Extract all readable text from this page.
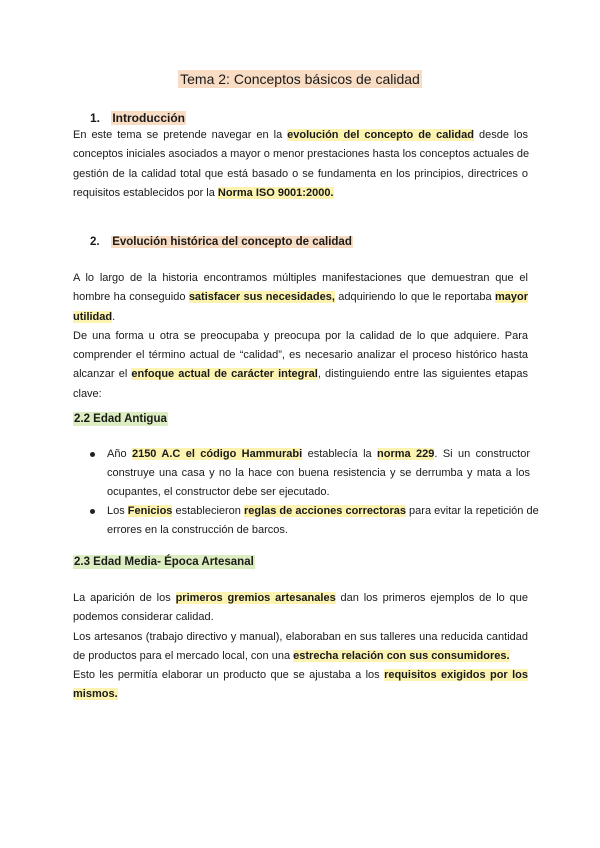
Tema 2: Conceptos básicos de calidad
1. Introducción
En este tema se pretende navegar en la evolución del concepto de calidad desde los
conceptos iniciales asociados a mayor o menor prestaciones hasta los conceptos actuales de
gestión de la calidad total que está basado o se fundamenta en los principios, directrices o
requisitos establecidos por la Norma ISO 9001:2000.
2. Evolución histórica del concepto de calidad
A lo largo de la historia encontramos múltiples manifestaciones que demuestran que el
hombre ha conseguido satisfacer sus necesidades, adquiriendo lo que le reportaba mayor
utilidad.
De una forma u otra se preocupaba y preocupa por la calidad de lo que adquiere. Para
comprender el término actual de “calidad”, es necesario analizar el proceso histórico hasta
alcanzar el enfoque actual de carácter integral, distinguiendo entre las siguientes etapas
clave:
2.2 Edad Antigua
Año 2150 A.C el código Hammurabi establecía la norma 229. Si un constructor
construye una casa y no la hace con buena resistencia y se derrumba y mata a los
ocupantes, el constructor debe ser ejecutado.
Los Fenicios establecieron reglas de acciones correctoras para evitar la repetición de
errores en la construcción de barcos.
2.3 Edad Media- Época Artesanal
La aparición de los primeros gremios artesanales dan los primeros ejemplos de lo que
podemos considerar calidad.
Los artesanos (trabajo directivo y manual), elaboraban en sus talleres una reducida cantidad
de productos para el mercado local, con una estrecha relación con sus consumidores.
Esto les permitía elaborar un producto que se ajustaba a los requisitos exigidos por los
mismos.
